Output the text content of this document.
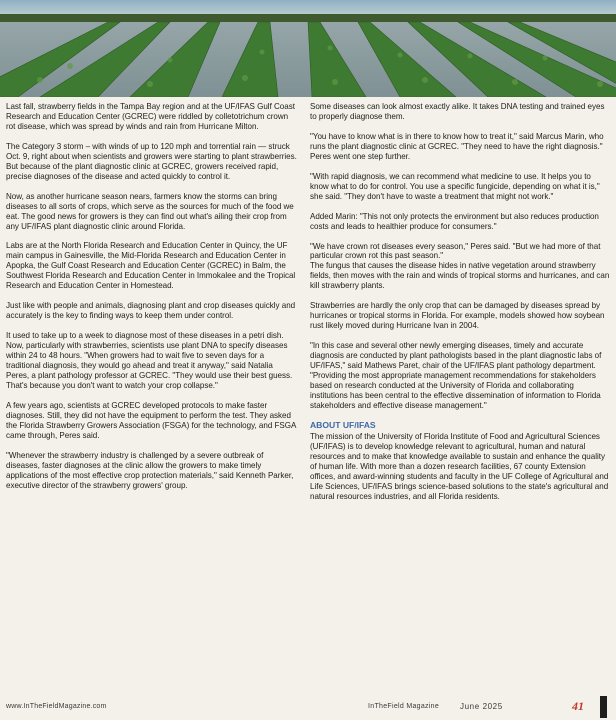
Last fall, strawberry fields in the Tampa Bay region and at the UF/IFAS Gulf Coast Research and Education Center (GCREC) were riddled by colletotrichum crown rot disease, which was spread by winds and rain from Hurricane Milton.

The Category 3 storm – with winds of up to 120 mph and torrential rain — struck Oct. 9, right about when scientists and growers were starting to plant strawberries. But because of the plant diagnostic clinic at GCREC, growers received rapid, precise diagnoses of the disease and acted quickly to control it.

Now, as another hurricane season nears, farmers know the storms can bring diseases to all sorts of crops, which serve as the sources for much of the food we eat. The good news for growers is they can find out what's ailing their crop from any UF/IFAS plant diagnostic clinic around Florida.

Labs are at the North Florida Research and Education Center in Quincy, the UF main campus in Gainesville, the Mid-Florida Research and Education Center in Apopka, the Gulf Coast Research and Education Center (GCREC) in Balm, the Southwest Florida Research and Education Center in Immokalee and the Tropical Research and Education Center in Homestead.

Just like with people and animals, diagnosing plant and crop diseases quickly and accurately is the key to finding ways to keep them under control.

It used to take up to a week to diagnose most of these diseases in a petri dish. Now, particularly with strawberries, scientists use plant DNA to specify diseases within 24 to 48 hours. "When growers had to wait five to seven days for a traditional diagnosis, they would go ahead and treat it anyway," said Natalia Peres, a plant pathology professor at GCREC. "They would use their best guess. That's because you don't want to watch your crop collapse."

A few years ago, scientists at GCREC developed protocols to make faster diagnoses. Still, they did not have the equipment to perform the test. They asked the Florida Strawberry Growers Association (FSGA) for the technology, and FSGA came through, Peres said.

"Whenever the strawberry industry is challenged by a severe outbreak of diseases, faster diagnoses at the clinic allow the growers to make timely applications of the most effective crop protection materials," said Kenneth Parker, executive director of the strawberry growers' group.

Some diseases can look almost exactly alike. It takes DNA testing and trained eyes to properly diagnose them.

"You have to know what is in there to know how to treat it," said Marcus Marin, who runs the plant diagnostic clinic at GCREC. "They need to have the right diagnosis."

Peres went one step further.

"With rapid diagnosis, we can recommend what medicine to use. It helps you to know what to do for control. You use a specific fungicide, depending on what it is," she said. "They don't have to waste a treatment that might not work."

Added Marin: "This not only protects the environment but also reduces production costs and leads to healthier produce for consumers."

"We have crown rot diseases every season," Peres said. "But we had more of that particular crown rot this past season."

The fungus that causes the disease hides in native vegetation around strawberry fields, then moves with the rain and winds of tropical storms and hurricanes, and can kill strawberry plants.

Strawberries are hardly the only crop that can be damaged by diseases spread by hurricanes or tropical storms in Florida. For example, models showed how soybean rust likely moved during Hurricane Ivan in 2004.

"In this case and several other newly emerging diseases, timely and accurate diagnosis are conducted by plant pathologists based in the plant diagnostic labs of UF/IFAS," said Mathews Paret, chair of the UF/IFAS plant pathology department. "Providing the most appropriate management recommendations for stakeholders based on research conducted at the University of Florida and collaborating institutions has been central to the effective dissemination of information to Florida stakeholders and effective disease management."

ABOUT UF/IFAS

The mission of the University of Florida Institute of Food and Agricultural Sciences (UF/IFAS) is to develop knowledge relevant to agricultural, human and natural resources and to make that knowledge available to sustain and enhance the quality of human life. With more than a dozen research facilities, 67 county Extension offices, and award-winning students and faculty in the UF College of Agricultural and Life Sciences, UF/IFAS brings science-based solutions to the state's agricultural and natural resources industries, and all Florida residents.

www.InTheFieldMagazine.com	InTheField Magazine	June 2025	41
